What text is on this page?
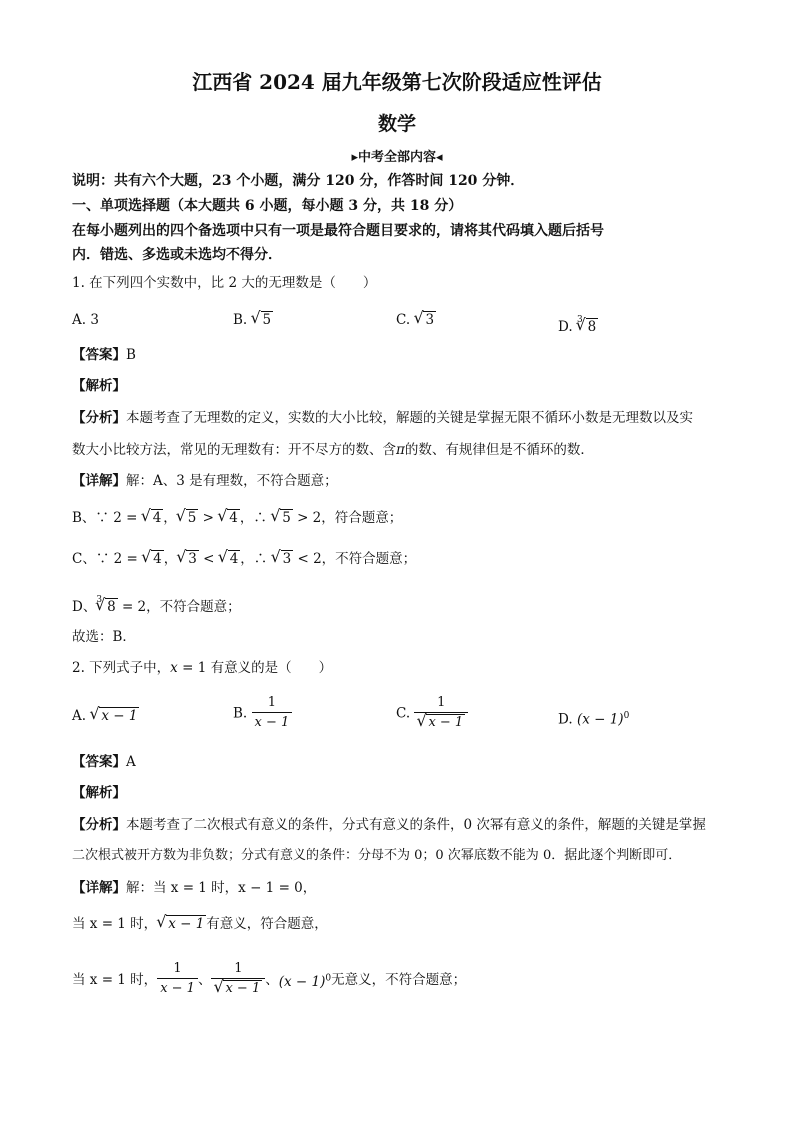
江西省 2024 届九年级第七次阶段适应性评估
数学
▸中考全部内容◂
说明：共有六个大题，23 个小题，满分 120 分，作答时间 120 分钟．
一、单项选择题（本大题共 6 小题，每小题 3 分，共 18 分）
在每小题列出的四个备选项中只有一项是最符合题目要求的，请将其代码填入题后括号
内．错选、多选或未选均不得分．
1. 在下列四个实数中，比 2 大的无理数是（　　）
A. 3	B. √ 5	C. √ 3	D. $^3$ √ 8
【答案】B
【解析】
【分析】本题考查了无理数的定义，实数的大小比较，解题的关键是掌握无限不循环小数是无理数以及实
数大小比较方法，常见的无理数有：开不尽方的数、含π的数、有规律但是不循环的数．
【详解】解：A、3 是有理数，不符合题意；
B、∵ 2 = √ 4 ， √ 5 > √ 4 ，∴ √ 5 > 2，符合题意；
C、∵ 2 = √ 4 ， √ 3 < √ 4 ，∴ √ 3 < 2，不符合题意；
D、$^3$ √ 8 = 2，不符合题意；
故选：B．
2. 下列式子中，x = 1 有意义的是（　　）
A. √ x − 1	B. $\frac{1}{x - 1}$	C. 1
√ x − 1	D. $(x - 1)^0$
【答案】A
【解析】
【分析】本题考查了二次根式有意义的条件，分式有意义的条件，0 次幂有意义的条件，解题的关键是掌握
二次根式被开方数为非负数；分式有意义的条件：分母不为 0；0 次幂底数不能为 0．据此逐个判断即可．
【详解】解：当 x = 1 时，x − 1 = 0，
当 x = 1 时， √ x − 1 有意义，符合题意，
当 x = 1 时， $\frac{1}{x - 1}$ 、 1
√ x − 1 、$(x - 1)^0$无意义，不符合题意；
